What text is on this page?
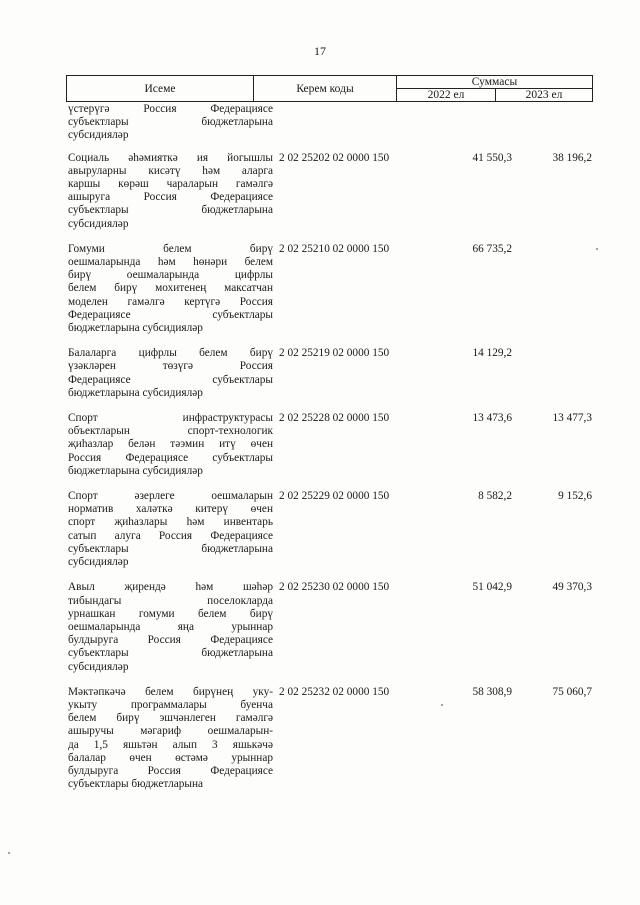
17
Исеме	Керем коды
Суммасы
2022 ел	2023 ел
үстерүгә Россия Федерациясе
субъектлары бюджетларына
субсидияләр
Социаль әһәмияткә ия йогышлы
авыруларны кисәтү һәм аларга
каршы көрәш чараларын гамәлгә
ашыруга Россия Федерациясе
субъектлары бюджетларына
субсидияләр
2 02 25202 02 0000 150	41 550,3	38 196,2
Гомуми белем бирү
оешмаларында һәм һөнәри белем
бирү оешмаларында цифрлы
белем бирү мохитенең максатчан
моделен гамәлгә кертүгә Россия
Федерациясе субъектлары
бюджетларына субсидияләр
2 02 25210 02 0000 150	66 735,2
Балаларга цифрлы белем бирү
үзәкләрен төзүгә Россия
Федерациясе субъектлары
бюджетларына субсидияләр
2 02 25219 02 0000 150	14 129,2
Спорт инфраструктурасы
объектларын спорт-технологик
җиһазлар белән тәэмин итү өчен
Россия Федерациясе субъектлары
бюджетларына субсидияләр
2 02 25228 02 0000 150	13 473,6	13 477,3
Спорт әзерлеге оешмаларын
норматив халәткә китерү өчен
спорт җиһазлары һәм инвентарь
сатып алуга Россия Федерациясе
субъектлары бюджетларына
субсидияләр
2 02 25229 02 0000 150	8 582,2	9 152,6
Авыл җирендә һәм шәһәр
тибындагы поселокларда
урнашкан гомуми белем бирү
оешмаларында яңа урыннар
булдыруга Россия Федерациясе
субъектлары бюджетларына
субсидияләр
2 02 25230 02 0000 150	51 042,9	49 370,3
Мәктәпкәчә белем бирүнең уку-
укыту программалары буенча
белем бирү эшчәнлеген гамәлгә
ашыручы мәгариф оешмаларын-
да 1,5 яшьтән алып 3 яшькәчә
балалар өчен өстәмә урыннар
булдыруга Россия Федерациясе
субъектлары бюджетларына
2 02 25232 02 0000 150	58 308,9	75 060,7
